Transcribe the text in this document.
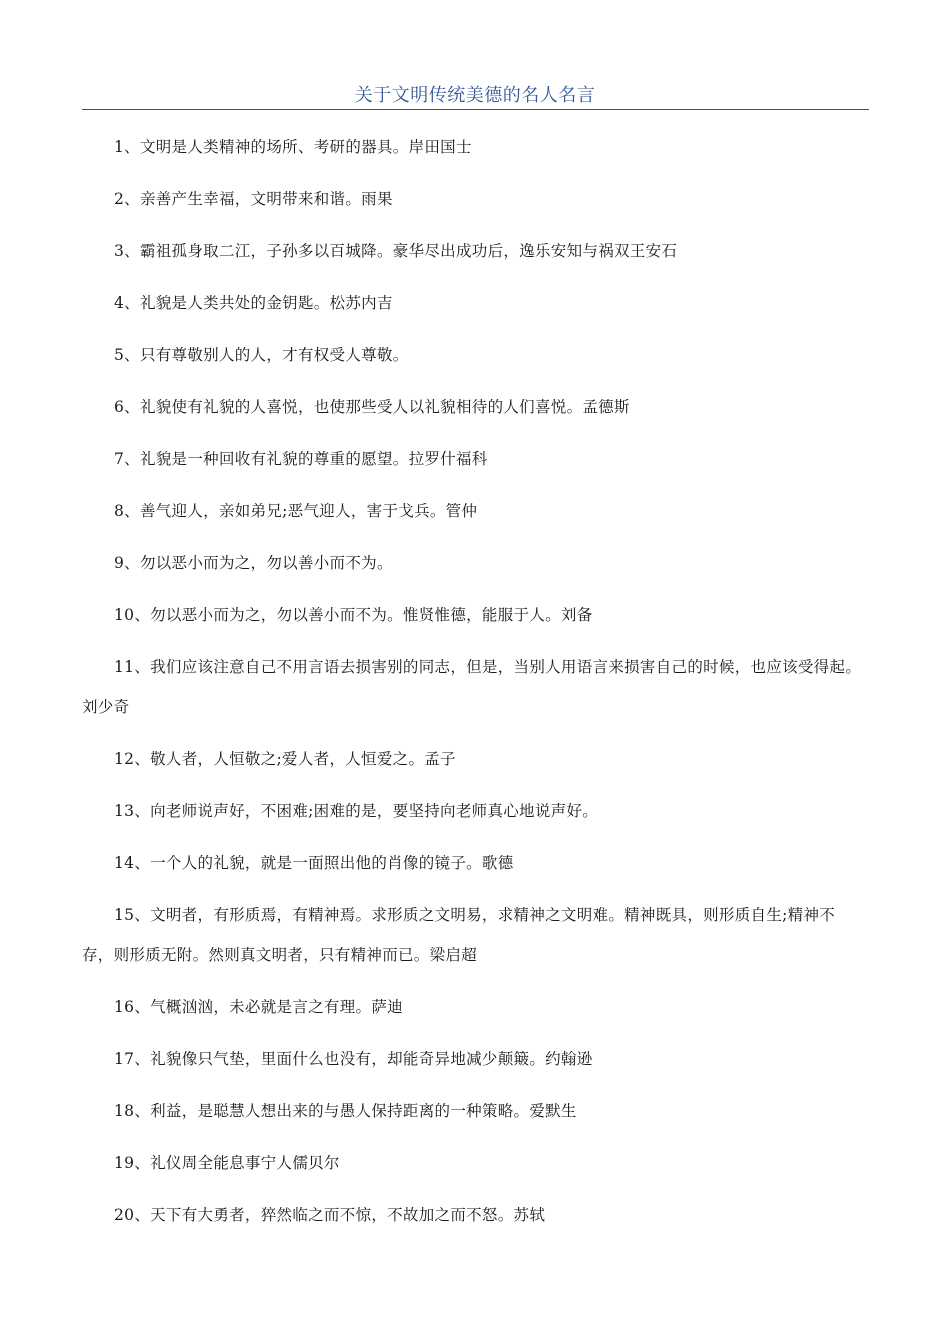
关于文明传统美德的名人名言
1、文明是人类精神的场所、考研的器具。岸田国士
2、亲善产生幸福，文明带来和谐。雨果
3、霸祖孤身取二江，子孙多以百城降。豪华尽出成功后，逸乐安知与祸双王安石
4、礼貌是人类共处的金钥匙。松苏内吉
5、只有尊敬别人的人，才有权受人尊敬。
6、礼貌使有礼貌的人喜悦，也使那些受人以礼貌相待的人们喜悦。孟德斯
7、礼貌是一种回收有礼貌的尊重的愿望。拉罗什福科
8、善气迎人，亲如弟兄;恶气迎人，害于戈兵。管仲
9、勿以恶小而为之，勿以善小而不为。
10、勿以恶小而为之，勿以善小而不为。惟贤惟德，能服于人。刘备
11、我们应该注意自己不用言语去损害别的同志，但是，当别人用语言来损害自己的时候，也应该受得起。刘少奇
12、敬人者，人恒敬之;爱人者，人恒爱之。孟子
13、向老师说声好，不困难;困难的是，要坚持向老师真心地说声好。
14、一个人的礼貌，就是一面照出他的肖像的镜子。歌德
15、文明者，有形质焉，有精神焉。求形质之文明易，求精神之文明难。精神既具，则形质自生;精神不存，则形质无附。然则真文明者，只有精神而已。梁启超
16、气概汹汹，未必就是言之有理。萨迪
17、礼貌像只气垫，里面什么也没有，却能奇异地减少颠簸。约翰逊
18、利益，是聪慧人想出来的与愚人保持距离的一种策略。爱默生
19、礼仪周全能息事宁人儒贝尔
20、天下有大勇者，猝然临之而不惊，不故加之而不怒。苏轼
